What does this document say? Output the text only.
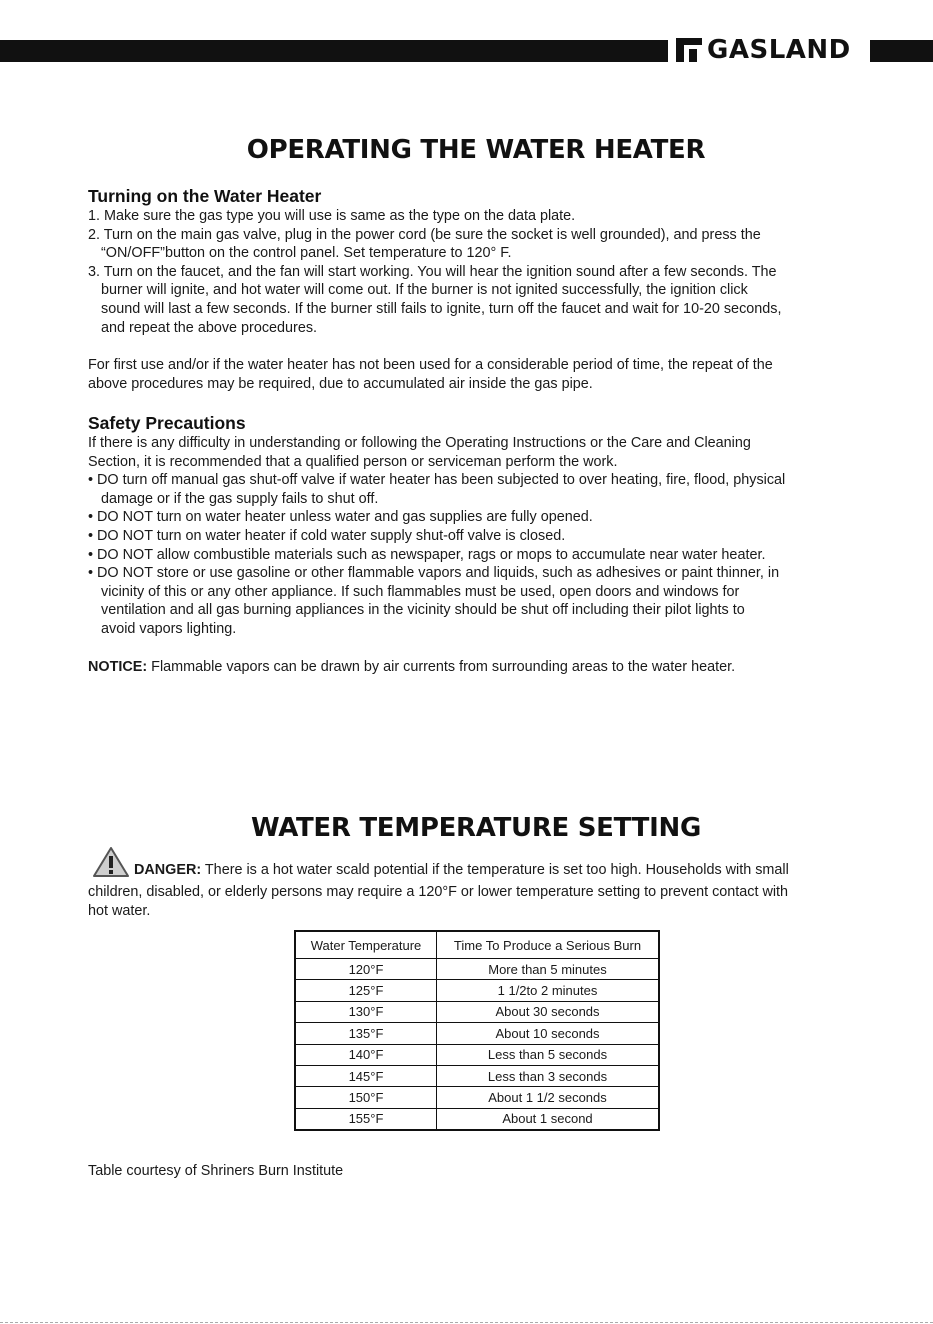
GASLAND
OPERATING THE WATER HEATER
Turning on the Water Heater

1. Make sure the gas type you will use is same as the type on the data plate.

2. Turn on the main gas valve, plug in the power cord (be sure the socket is well grounded), and press the

“ON/OFF”button on the control panel. Set temperature to 120° F.

3. Turn on the faucet, and the fan will start working. You will hear the ignition sound after a few seconds. The

burner will ignite, and hot water will come out. If the burner is not ignited successfully, the ignition click

sound will last a few seconds. If the burner still fails to ignite, turn off the faucet and wait for 10-20 seconds,

and repeat the above procedures.

For first use and/or if the water heater has not been used for a considerable period of time, the repeat of the

above procedures may be required, due to accumulated air inside the gas pipe.

Safety Precautions

If there is any difficulty in understanding or following the Operating Instructions or the Care and Cleaning

Section, it is recommended that a qualified person or serviceman perform the work.

• DO turn off manual gas shut-off valve if water heater has been subjected to over heating, fire, flood, physical

damage or if the gas supply fails to shut off.

• DO NOT turn on water heater unless water and gas supplies are fully opened.

• DO NOT turn on water heater if cold water supply shut-off valve is closed.

• DO NOT allow combustible materials such as newspaper, rags or mops to accumulate near water heater.

• DO NOT store or use gasoline or other flammable vapors and liquids, such as adhesives or paint thinner, in

vicinity of this or any other appliance. If such flammables must be used, open doors and windows for

ventilation and all gas burning appliances in the vicinity should be shut off including their pilot lights to

avoid vapors lighting.

NOTICE: Flammable vapors can be drawn by air currents from surrounding areas to the water heater.

WATER TEMPERATURE SETTING

DANGER: There is a hot water scald potential if the temperature is set too high. Households with small

children, disabled, or elderly persons may require a 120°F or lower temperature setting to prevent contact with

hot water.

Water Temperature	Time To Produce a Serious Burn
120°F	More than 5 minutes
125°F	1 1/2to 2 minutes
130°F	About 30 seconds
135°F	About 10 seconds
140°F	Less than 5 seconds
145°F	Less than 3 seconds
150°F	About 1 1/2 seconds
155°F	About 1 second

Table courtesy of Shriners Burn Institute
